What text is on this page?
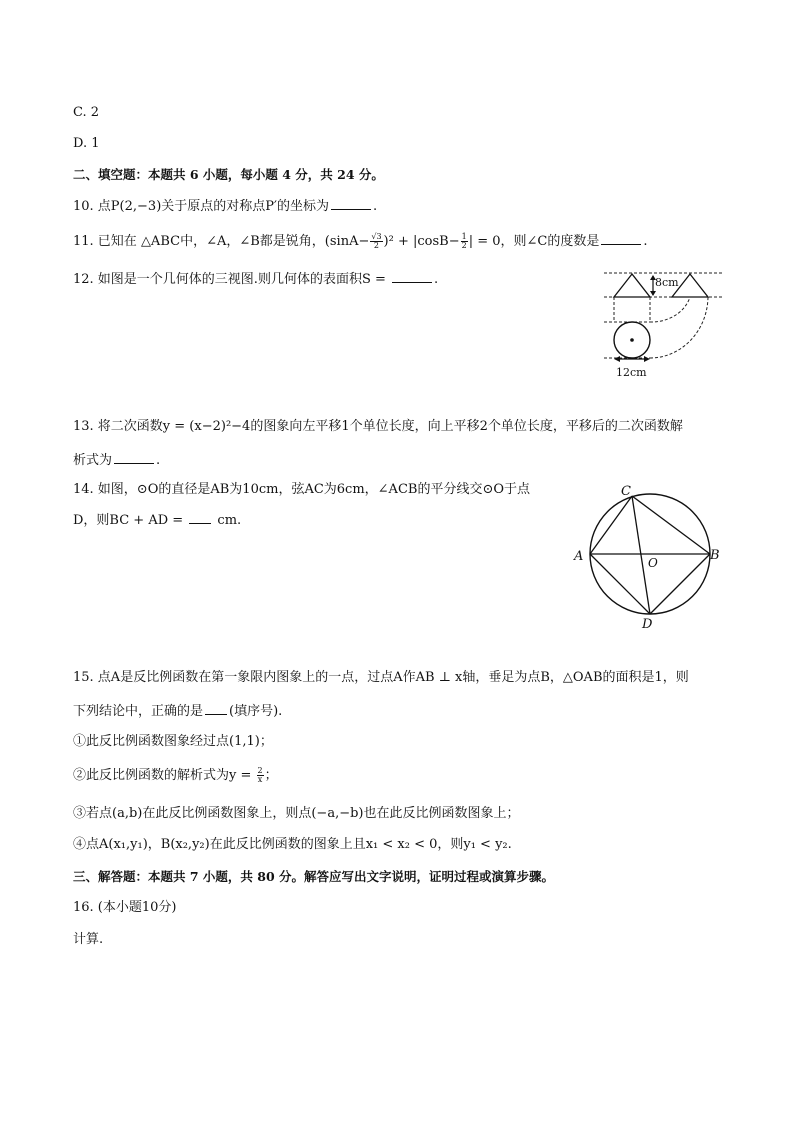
C. 2
D. 1
二、填空题：本题共 6 小题，每小题 4 分，共 24 分。
10. 点P(2,−3)关于原点的对称点P′的坐标为	.
11. 已知在 △ABC中，∠A，∠B都是锐角，$(\sin A- \frac{√3}{2} )^2 + |\cos B- \frac{1}{2}$ | = 0，则∠C的度数是	.
12. 如图是一个几何体的三视图.则几何体的表面积S =	.	8cm
12cm
13. 将二次函数y = (x−2)²−4的图象向左平移1个单位长度，向上平移2个单位长度，平移后的二次函数解
析式为	.
14. 如图，⊙O的直径是AB为10cm，弦AC为6cm，∠ACB的平分线交⊙O于点
D，则BC + AD =  cm.
C
A	B
O
D
15. 点A是反比例函数在第一象限内图象上的一点，过点A作AB ⊥ x轴，垂足为点B，△OAB的面积是1，则
下列结论中，正确的是 (填序号).
①此反比例函数图象经过点(1,1)；
②此反比例函数的解析式为$y = \frac{2}{x}$ ；
③若点(a,b)在此反比例函数图象上，则点(−a,−b)也在此反比例函数图象上；
④点A(x₁,y₁)，B(x₂,y₂)在此反比例函数的图象上且x₁ < x₂ < 0，则y₁ < y₂.
三、解答题：本题共 7 小题，共 80 分。解答应写出文字说明，证明过程或演算步骤。
16. (本小题10分)
计算.
